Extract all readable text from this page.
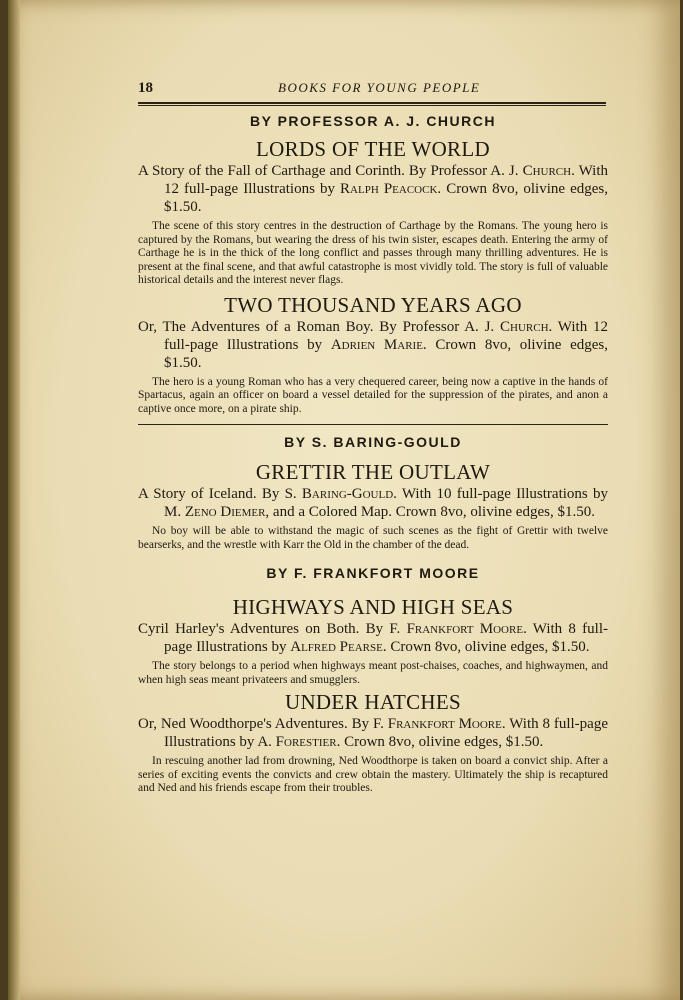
18	BOOKS FOR YOUNG PEOPLE

BY PROFESSOR A. J. CHURCH

LORDS OF THE WORLD

A Story of the Fall of Carthage and Corinth. By Professor A. J. Church. With 12 full-page Illustrations by Ralph Peacock. Crown 8vo, olivine edges, $1.50.

The scene of this story centres in the destruction of Carthage by the Romans. The young hero is captured by the Romans, but wearing the dress of his twin sister, escapes death. Entering the army of Carthage he is in the thick of the long conflict and passes through many thrilling adventures. He is present at the final scene, and that awful catastrophe is most vividly told. The story is full of valuable historical details and the interest never flags.

TWO THOUSAND YEARS AGO

Or, The Adventures of a Roman Boy. By Professor A. J. Church. With 12 full-page Illustrations by Adrien Marie. Crown 8vo, olivine edges, $1.50.

The hero is a young Roman who has a very chequered career, being now a captive in the hands of Spartacus, again an officer on board a vessel detailed for the suppression of the pirates, and anon a captive once more, on a pirate ship.

BY S. BARING-GOULD

GRETTIR THE OUTLAW

A Story of Iceland. By S. Baring-Gould. With 10 full-page Illustrations by M. Zeno Diemer, and a Colored Map. Crown 8vo, olivine edges, $1.50.

No boy will be able to withstand the magic of such scenes as the fight of Grettir with twelve bearserks, and the wrestle with Karr the Old in the chamber of the dead.

BY F. FRANKFORT MOORE

HIGHWAYS AND HIGH SEAS

Cyril Harley's Adventures on Both. By F. Frankfort Moore. With 8 full-page Illustrations by Alfred Pearse. Crown 8vo, olivine edges, $1.50.

The story belongs to a period when highways meant post-chaises, coaches, and highwaymen, and when high seas meant privateers and smugglers.

UNDER HATCHES

Or, Ned Woodthorpe's Adventures. By F. Frankfort Moore. With 8 full-page Illustrations by A. Forestier. Crown 8vo, olivine edges, $1.50.

In rescuing another lad from drowning, Ned Woodthorpe is taken on board a convict ship. After a series of exciting events the convicts and crew obtain the mastery. Ultimately the ship is recaptured and Ned and his friends escape from their troubles.
